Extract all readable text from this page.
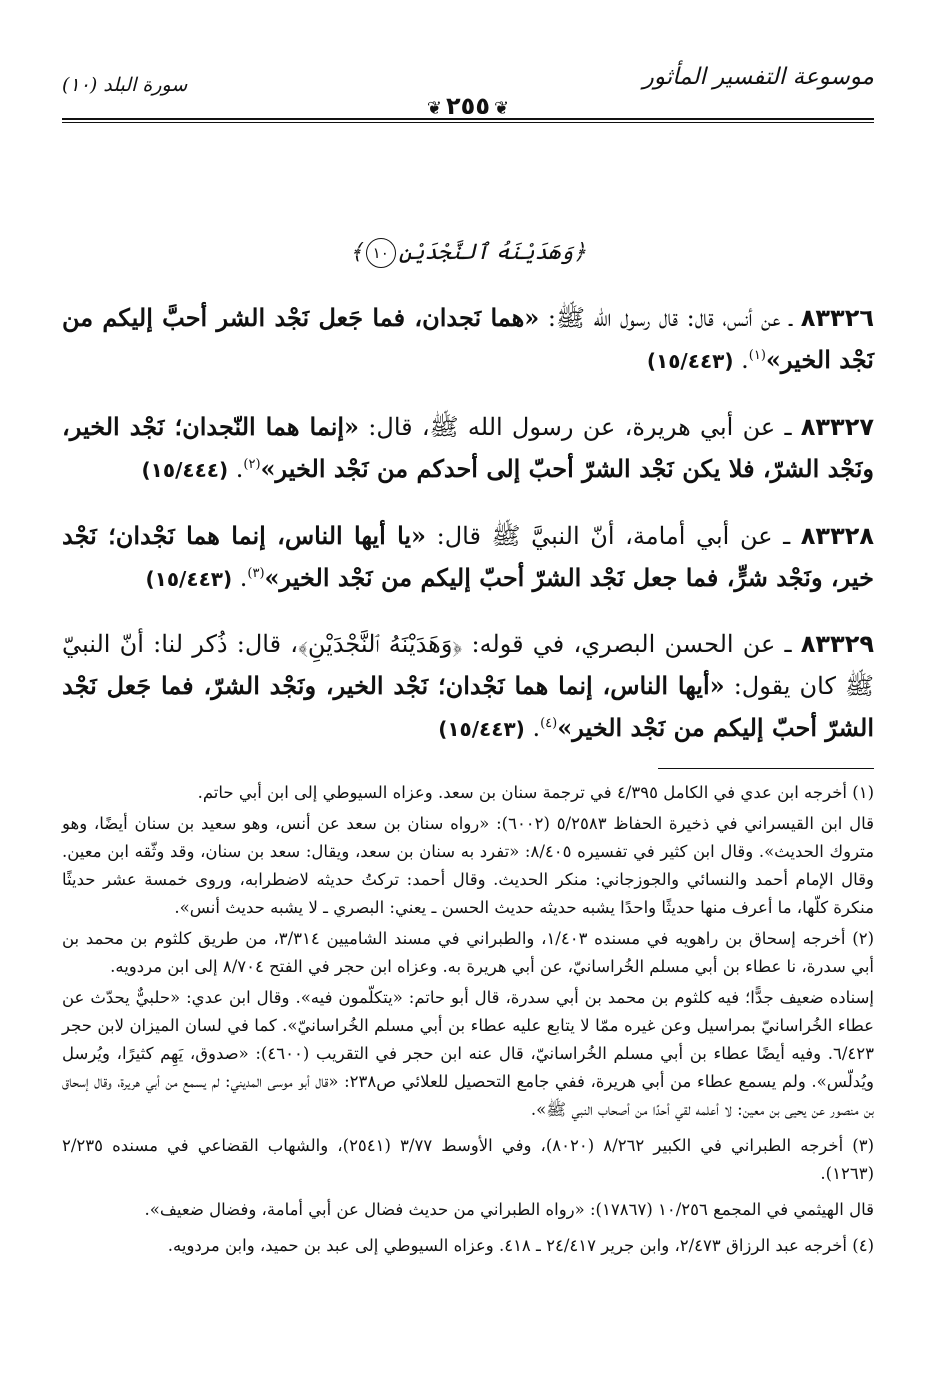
موسوعة التفسير المأثور
❦٢٥٥❦
سورة البلد (١٠)
﴿وَهَدَيْنَهُ ٱلنَّجْدَيْنِ١٠﴾

٨٣٣٢٦ ـ عن أنس، قال: قال رسول الله ﷺ: «هما نَجدان، فما جَعل نَجْد الشر أحبَّ إليكم من نَجْد الخير»$^{(١)}$. (١٥/٤٤٣)

٨٣٣٢٧ ـ عن أبي هريرة، عن رسول الله ﷺ، قال: «إنما هما النّجدان؛ نَجْد الخير، ونَجْد الشرّ، فلا يكن نَجْد الشرّ أحبّ إلى أحدكم من نَجْد الخير»$^{(٢)}$. (١٥/٤٤٤)

٨٣٣٢٨ ـ عن أبي أمامة، أنّ النبيَّ ﷺ قال: «يا أيها الناس، إنما هما نَجْدان؛ نَجْد خير، ونَجْد شرٍّ، فما جعل نَجْد الشرّ أحبّ إليكم من نَجْد الخير»$^{(٣)}$. (١٥/٤٤٣)

٨٣٣٢٩ ـ عن الحسن البصري، في قوله: ﴿وَهَدَيْنَهُ ٱلنَّجْدَيْنِ﴾، قال: ذُكر لنا: أنّ النبيّ ﷺ كان يقول: «أيها الناس، إنما هما نَجْدان؛ نَجْد الخير، ونَجْد الشرّ، فما جَعل نَجْد الشرّ أحبّ إليكم من نَجْد الخير»$^{(٤)}$. (١٥/٤٤٣)

(١) أخرجه ابن عدي في الكامل ٤/٣٩٥ في ترجمة سنان بن سعد. وعزاه السيوطي إلى ابن أبي حاتم.

قال ابن القيسراني في ذخيرة الحفاظ ٥/٢٥٨٣ (٦٠٠٢): «رواه سنان بن سعد عن أنس، وهو سعيد بن سنان أيضًا، وهو متروك الحديث». وقال ابن كثير في تفسيره ٨/٤٠٥: «تفرد به سنان بن سعد، ويقال: سعد بن سنان، وقد وثّقه ابن معين. وقال الإمام أحمد والنسائي والجوزجاني: منكر الحديث. وقال أحمد: تركتُ حديثه لاضطرابه، وروى خمسة عشر حديثًا منكرة كلّها، ما أعرف منها حديثًا واحدًا يشبه حديثه حديث الحسن ـ يعني: البصري ـ لا يشبه حديث أنس».

(٢) أخرجه إسحاق بن راهويه في مسنده ١/٤٠٣، والطبراني في مسند الشاميين ٣/٣١٤، من طريق كلثوم بن محمد بن أبي سدرة، نا عطاء بن أبي مسلم الخُراسانيّ، عن أبي هريرة به. وعزاه ابن حجر في الفتح ٨/٧٠٤ إلى ابن مردويه.

إسناده ضعيف جدًّا؛ فيه كلثوم بن محمد بن أبي سدرة، قال أبو حاتم: «يتكلّمون فيه». وقال ابن عدي: «حلبيٌّ يحدّث عن عطاء الخُراسانيّ بمراسيل وعن غيره ممّا لا يتابع عليه عطاء بن أبي مسلم الخُراسانيّ». كما في لسان الميزان لابن حجر ٦/٤٢٣. وفيه أيضًا عطاء بن أبي مسلم الخُراسانيّ، قال عنه ابن حجر في التقريب (٤٦٠٠): «صدوق، يَهِم كثيرًا، ويُرسل ويُدلّس». ولم يسمع عطاء من أبي هريرة، ففي جامع التحصيل للعلائي ص٢٣٨: «قال أبو موسى المديني: لم يسمع من أبي هريرة، وقال إسحاق بن منصور عن يحيى بن معين: لا أعلمه لقي أحدًا من أصحاب النبي ﷺ».

(٣) أخرجه الطبراني في الكبير ٨/٢٦٢ (٨٠٢٠)، وفي الأوسط ٣/٧٧ (٢٥٤١)، والشهاب القضاعي في مسنده ٢/٢٣٥ (١٢٦٣).

قال الهيثمي في المجمع ١٠/٢٥٦ (١٧٨٦٧): «رواه الطبراني من حديث فضال عن أبي أمامة، وفضال ضعيف».

(٤) أخرجه عبد الرزاق ٢/٤٧٣، وابن جرير ٢٤/٤١٧ ـ ٤١٨. وعزاه السيوطي إلى عبد بن حميد، وابن مردويه.
